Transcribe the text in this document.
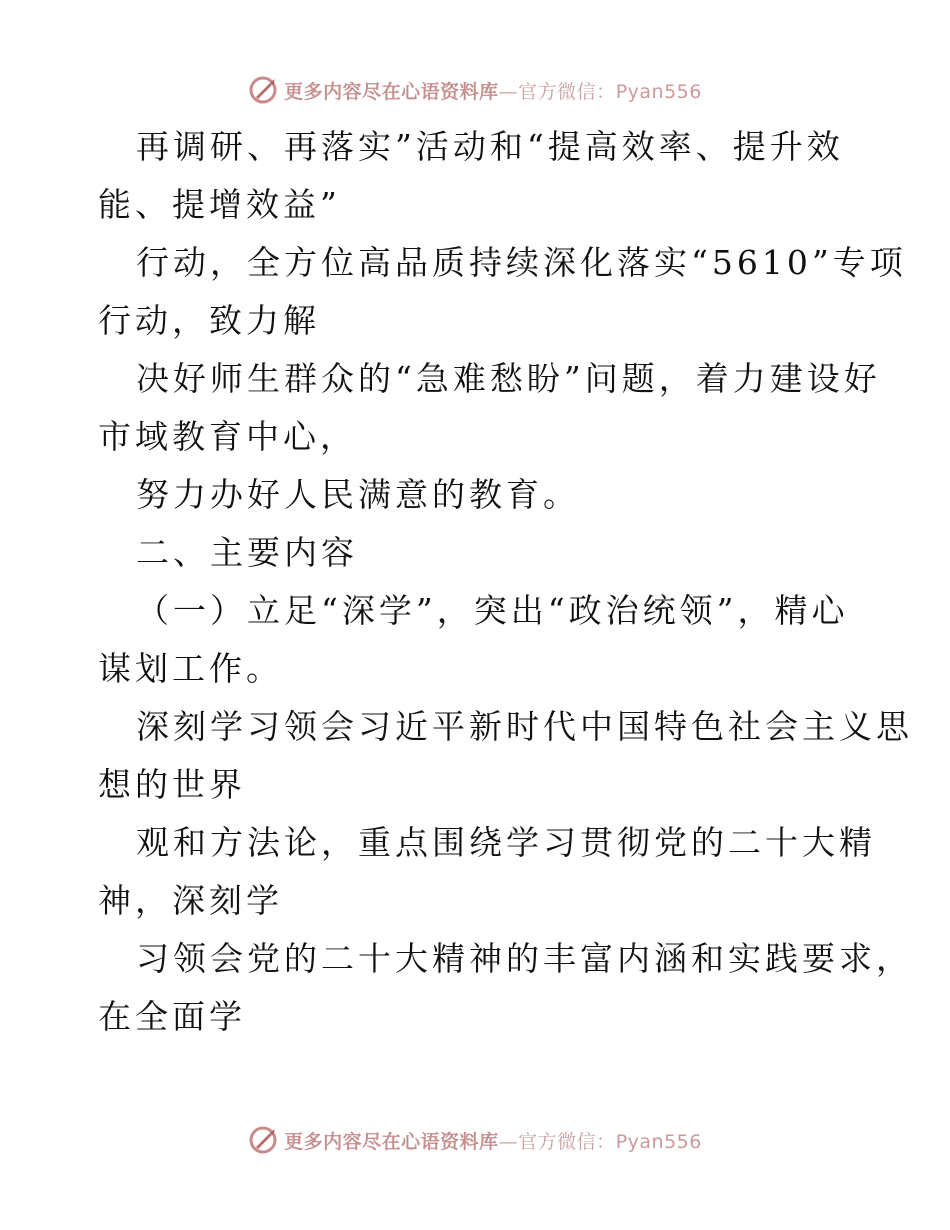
更多内容尽在心语资料库—官方微信：Pyan556
再调研、再落实”活动和“提高效率、提升效
能、提增效益”
行动，全方位高品质持续深化落实“5610”专项
行动，致力解
决好师生群众的“急难愁盼”问题，着力建设好
市域教育中心，
努力办好人民满意的教育。
二、主要内容
（一）立足“深学”，突出“政治统领”，精心
谋划工作。
深刻学习领会习近平新时代中国特色社会主义思
想的世界
观和方法论，重点围绕学习贯彻党的二十大精
神，深刻学
习领会党的二十大精神的丰富内涵和实践要求，
在全面学
更多内容尽在心语资料库—官方微信：Pyan556
